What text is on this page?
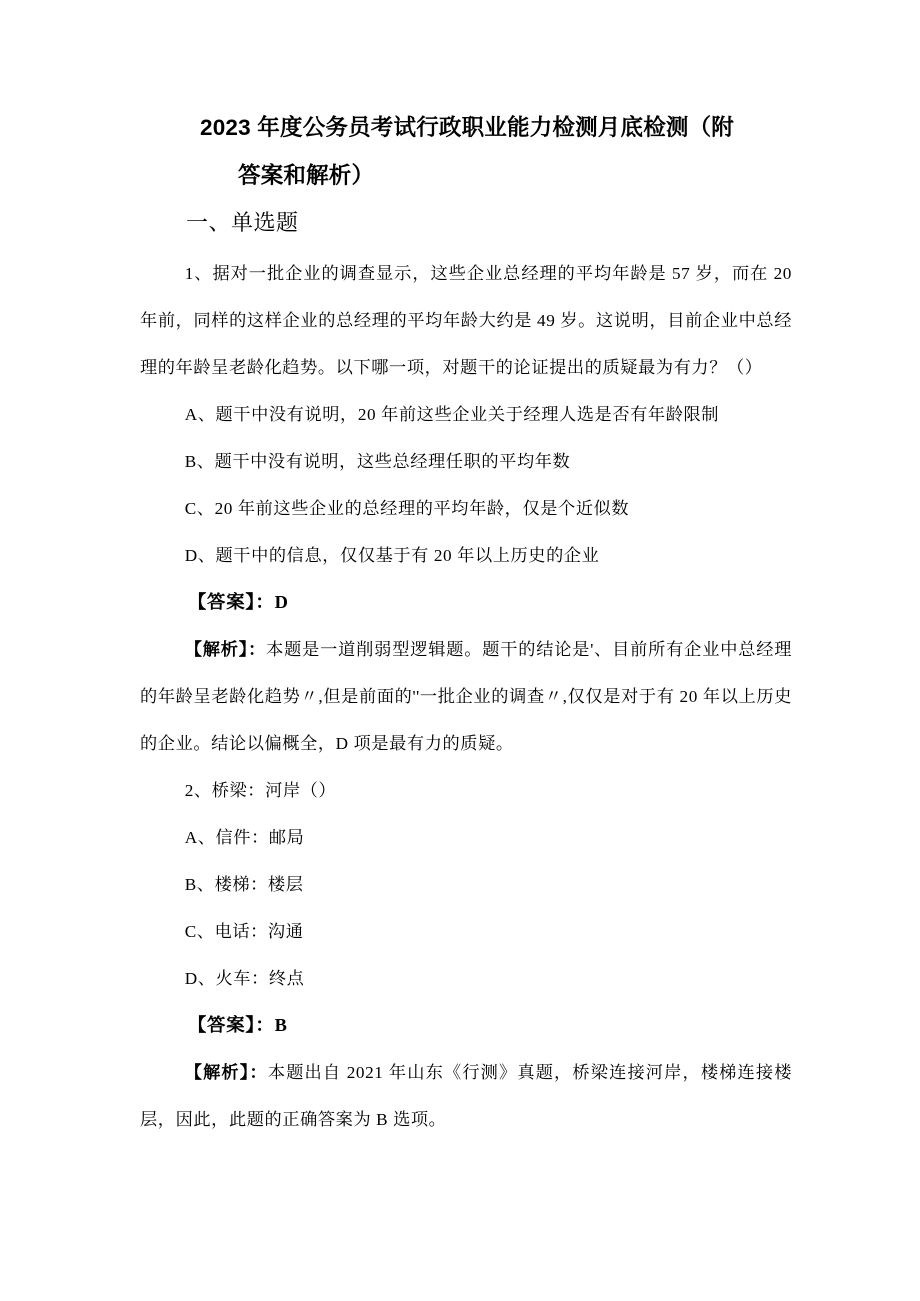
2023 年度公务员考试行政职业能力检测月底检测（附
答案和解析）
一、单选题

1、据对一批企业的调查显示，这些企业总经理的平均年龄是 57 岁，而在 20 年前，同样的这样企业的总经理的平均年龄大约是 49 岁。这说明，目前企业中总经理的年龄呈老龄化趋势。以下哪一项，对题干的论证提出的质疑最为有力？（）

A、题干中没有说明，20 年前这些企业关于经理人选是否有年龄限制

B、题干中没有说明，这些总经理任职的平均年数

C、20 年前这些企业的总经理的平均年龄，仅是个近似数

D、题干中的信息，仅仅基于有 20 年以上历史的企业

【答案】：D

【解析】：本题是一道削弱型逻辑题。题干的结论是'、目前所有企业中总经理的年龄呈老龄化趋势〃,但是前面的''一批企业的调查〃,仅仅是对于有 20 年以上历史的企业。结论以偏概全，D 项是最有力的质疑。

2、桥梁：河岸（）

A、信件：邮局

B、楼梯：楼层

C、电话：沟通

D、火车：终点

【答案】：B

【解析】：本题出自 2021 年山东《行测》真题，桥梁连接河岸，楼梯连接楼层，因此，此题的正确答案为 B 选项。
